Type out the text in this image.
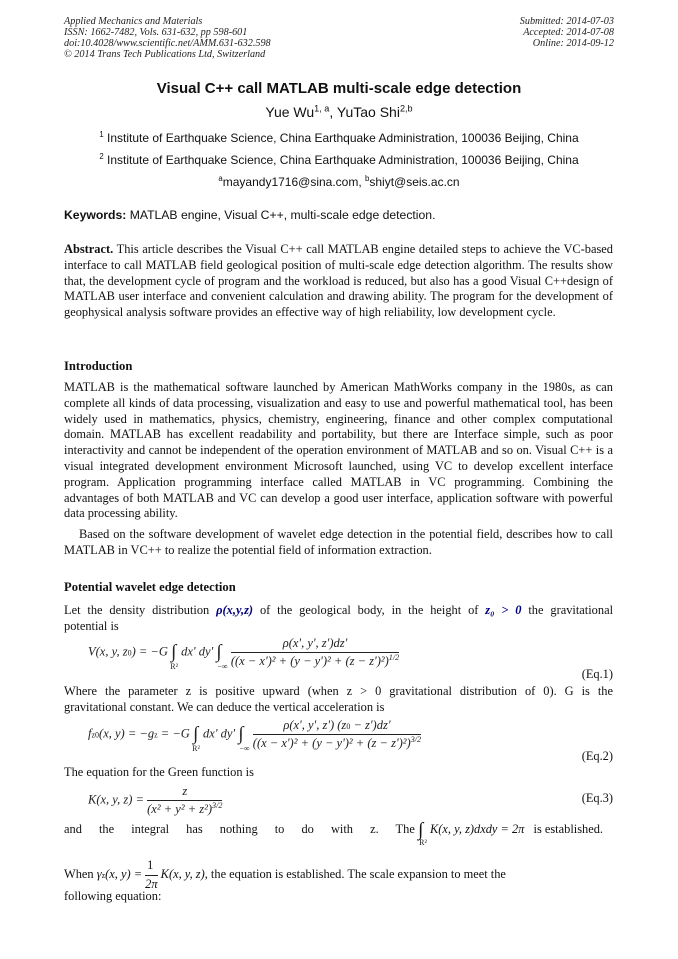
Applied Mechanics and Materials
ISSN: 1662-7482, Vols. 631-632, pp 598-601
doi:10.4028/www.scientific.net/AMM.631-632.598
© 2014 Trans Tech Publications Ltd, Switzerland
Submitted: 2014-07-03
Accepted: 2014-07-08
Online: 2014-09-12
Visual C++ call MATLAB multi-scale edge detection
Yue Wu$^{1, a}$, YuTao Shi$^{2,b}$
$^1$ Institute of Earthquake Science, China Earthquake Administration, 100036 Beijing, China
$^2$ Institute of Earthquake Science, China Earthquake Administration, 100036 Beijing, China
$^a$mayandy1716@sina.com, $^b$shiyt@seis.ac.cn
Keywords: MATLAB engine, Visual C++, multi-scale edge detection.
Abstract. This article describes the Visual C++ call MATLAB engine detailed steps to achieve the VC-based interface to call MATLAB field geological position of multi-scale edge detection algorithm. The results show that, the development cycle of program and the workload is reduced, but also has a good Visual C++design of MATLAB user interface and convenient calculation and drawing ability. The program for the development of geophysical analysis software provides an effective way of high reliability, low development cycle.
Introduction
MATLAB is the mathematical software launched by American MathWorks company in the 1980s, as can complete all kinds of data processing, visualization and easy to use and powerful mathematical tool, has been widely used in mathematics, physics, chemistry, engineering, finance and other complex computational domain. MATLAB has excellent readability and portability, but there are Interface simple, such as poor interactivity and cannot be independent of the operation environment of MATLAB and so on. Visual C++ is a visual integrated development environment Microsoft launched, using VC to develop excellent interface program. Application programming interface called MATLAB in VC programming. Combining the advantages of both MATLAB and VC can develop a good user interface, application software with powerful data processing ability.
Based on the software development of wavelet edge detection in the potential field, describes how to call MATLAB in VC++ to realize the potential field of information extraction.
Potential wavelet edge detection
Let the density distribution ρ(x,y,z) of the geological body, in the height of z₀ > 0 the gravitational
potential is
V(x, y, z0) = −G $\int_{R^2}$ dx' dy' $\int_{-\infty} \frac{\rho(x', y', z')dz'}{((x - x')^2 + (y - y')^2 + (z - z')^2)^{1/2}}$
(Eq.1)
Where the parameter z is positive upward (when z > 0 gravitational distribution of 0). G is the
gravitational constant. We can deduce the vertical acceleration is
fz0(x, y) = −gz = −G $\int_{R^2}$ dx' dy' $\int_{-\infty} \frac{\rho(x', y', z') (z0 - z')dz'}{((x - x')^2 + (y - y')^2 + (z - z')^2)^{3/2}}$
(Eq.2)
The equation for the Green function is
K(x, y, $z) = \frac{z}{(x^2 + y^2 + z^2)^{3/2}}$	(Eq.3)
and the integral has nothing to do with z. The $\int_{R^2}$ K(x, y, z)dxdy = 2π is established.
When γz(x, $y) = \frac{1}{2\pi} K(x$, y, z), the equation is established. The scale expansion to meet the
following equation:
